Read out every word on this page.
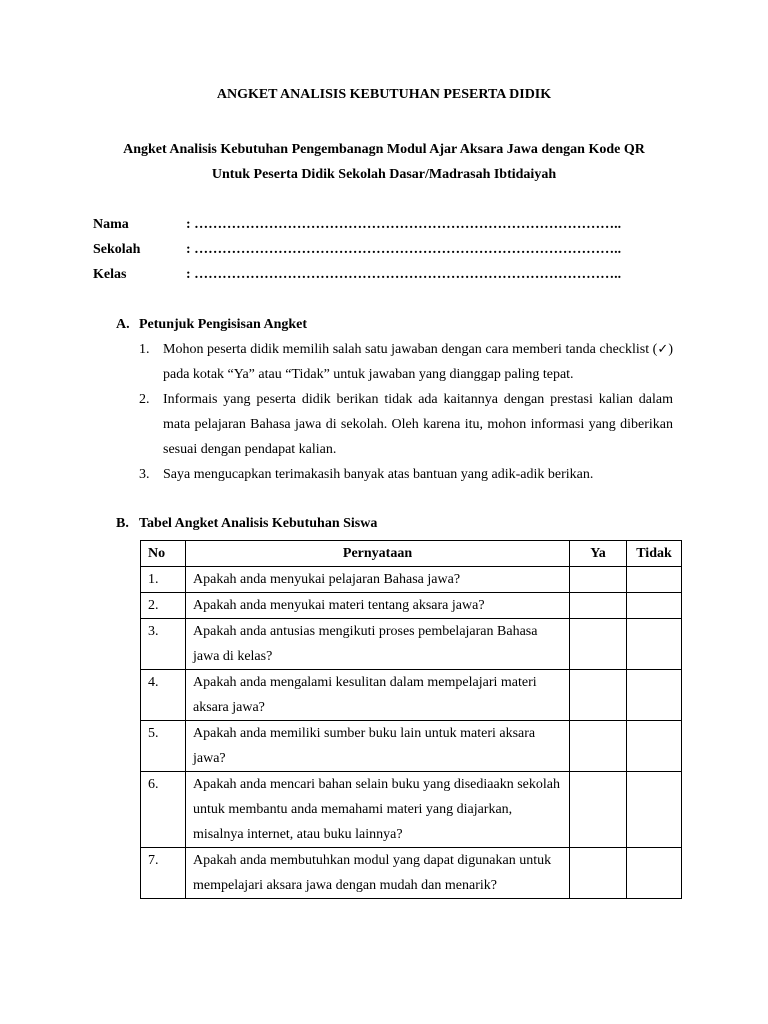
ANGKET ANALISIS KEBUTUHAN PESERTA DIDIK
Angket Analisis Kebutuhan Pengembanagn Modul Ajar Aksara Jawa dengan Kode QR
Untuk Peserta Didik Sekolah Dasar/Madrasah Ibtidaiyah
Nama	: ………………………………………………………………………………..
Sekolah	: ………………………………………………………………………………..
Kelas	: ………………………………………………………………………………..
A. Petunjuk Pengisisan Angket
1. Mohon peserta didik memilih salah satu jawaban dengan cara memberi tanda checklist (✓) pada kotak “Ya” atau “Tidak” untuk jawaban yang dianggap paling tepat.
2. Informais yang peserta didik berikan tidak ada kaitannya dengan prestasi kalian dalam mata pelajaran Bahasa jawa di sekolah. Oleh karena itu, mohon informasi yang diberikan sesuai dengan pendapat kalian.
3. Saya mengucapkan terimakasih banyak atas bantuan yang adik-adik berikan.
B. Tabel Angket Analisis Kebutuhan Siswa
No	Pernyataan	Ya	Tidak
1.	Apakah anda menyukai pelajaran Bahasa jawa?		
2.	Apakah anda menyukai materi tentang aksara jawa?		
3.	Apakah anda antusias mengikuti proses pembelajaran Bahasa jawa di kelas?		
4.	Apakah anda mengalami kesulitan dalam mempelajari materi aksara jawa?		
5.	Apakah anda memiliki sumber buku lain untuk materi aksara jawa?		
6.	Apakah anda mencari bahan selain buku yang disediaakn sekolah untuk membantu anda memahami materi yang diajarkan, misalnya internet, atau buku lainnya?		
7.	Apakah anda membutuhkan modul yang dapat digunakan untuk mempelajari aksara jawa dengan mudah dan menarik?		
